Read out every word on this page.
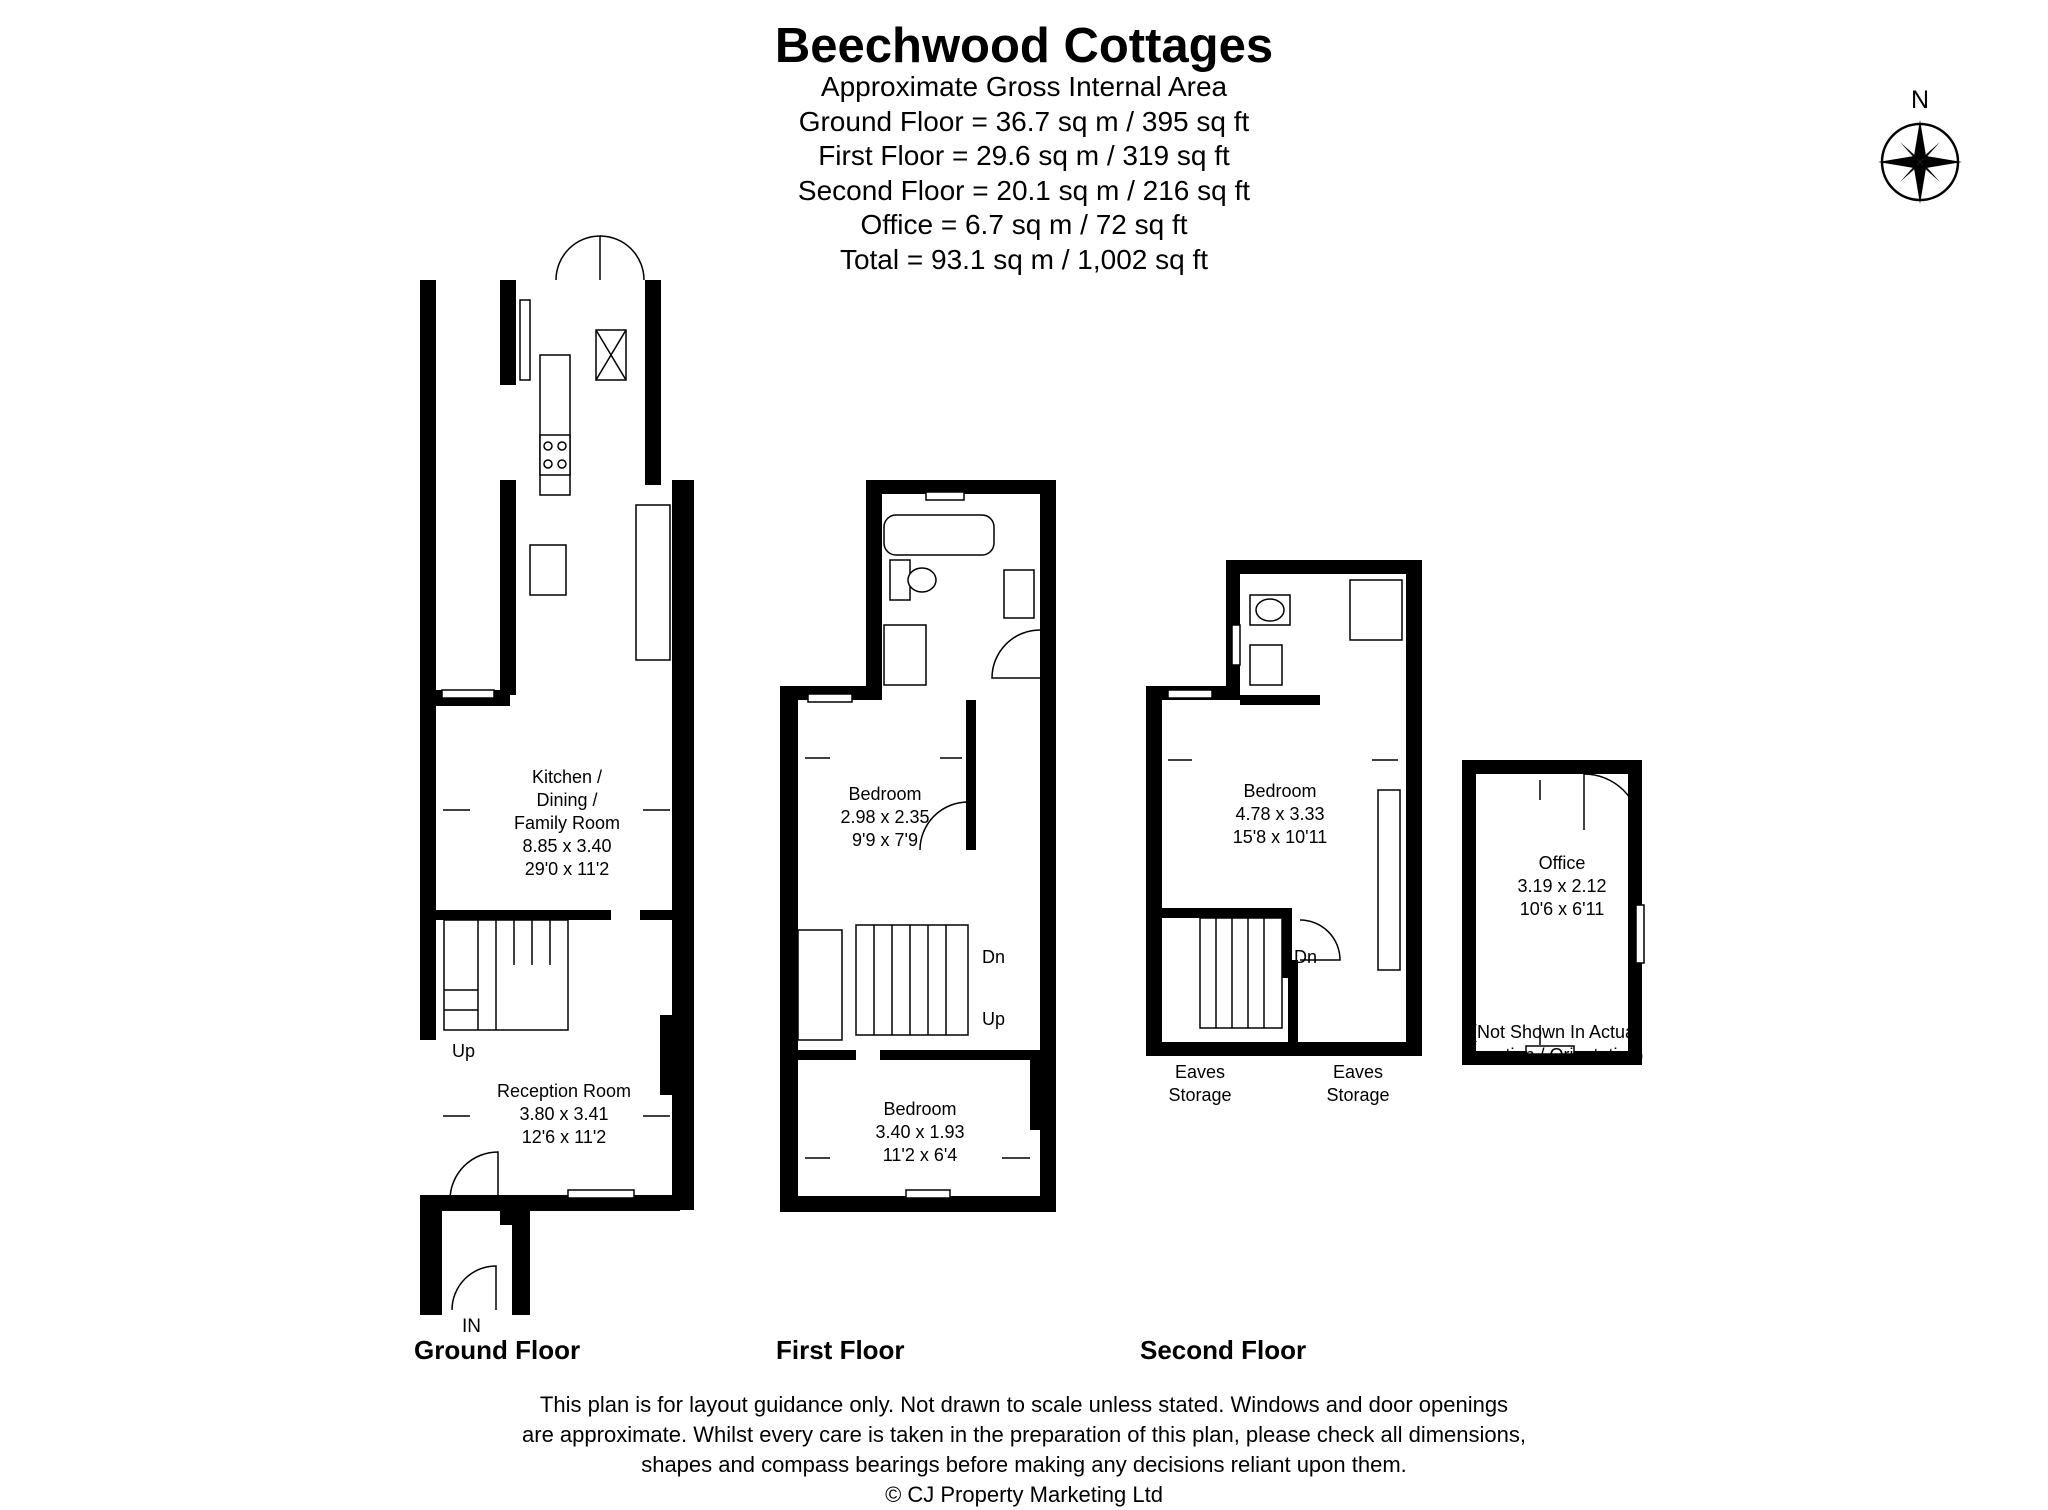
Beechwood Cottages
Approximate Gross Internal Area
Ground Floor = 36.7 sq m / 395 sq ft
First Floor = 29.6 sq m / 319 sq ft
Second Floor = 20.1 sq m / 216 sq ft
Office = 6.7 sq m / 72 sq ft
Total = 93.1 sq m / 1,002 sq ft
N
Kitchen /
Dining /
Family Room
8.85 x 3.40
29'0 x 11'2
Reception Room
3.80 x 3.41
12'6 x 11'2
Up
IN
Bedroom
2.98 x 2.35
9'9 x 7'9
Bedroom
3.40 x 1.93
11'2 x 6'4
Dn
Up
Bedroom
4.78 x 3.33
15'8 x 10'11
Dn
Eaves
Storage
Eaves
Storage
Office
3.19 x 2.12
10'6 x 6'11
(Not Shown In Actual
Location / Orientation)
Ground Floor	First Floor	Second Floor
This plan is for layout guidance only. Not drawn to scale unless stated. Windows and door openings
are approximate. Whilst every care is taken in the preparation of this plan, please check all dimensions,
shapes and compass bearings before making any decisions reliant upon them.
© CJ Property Marketing Ltd
